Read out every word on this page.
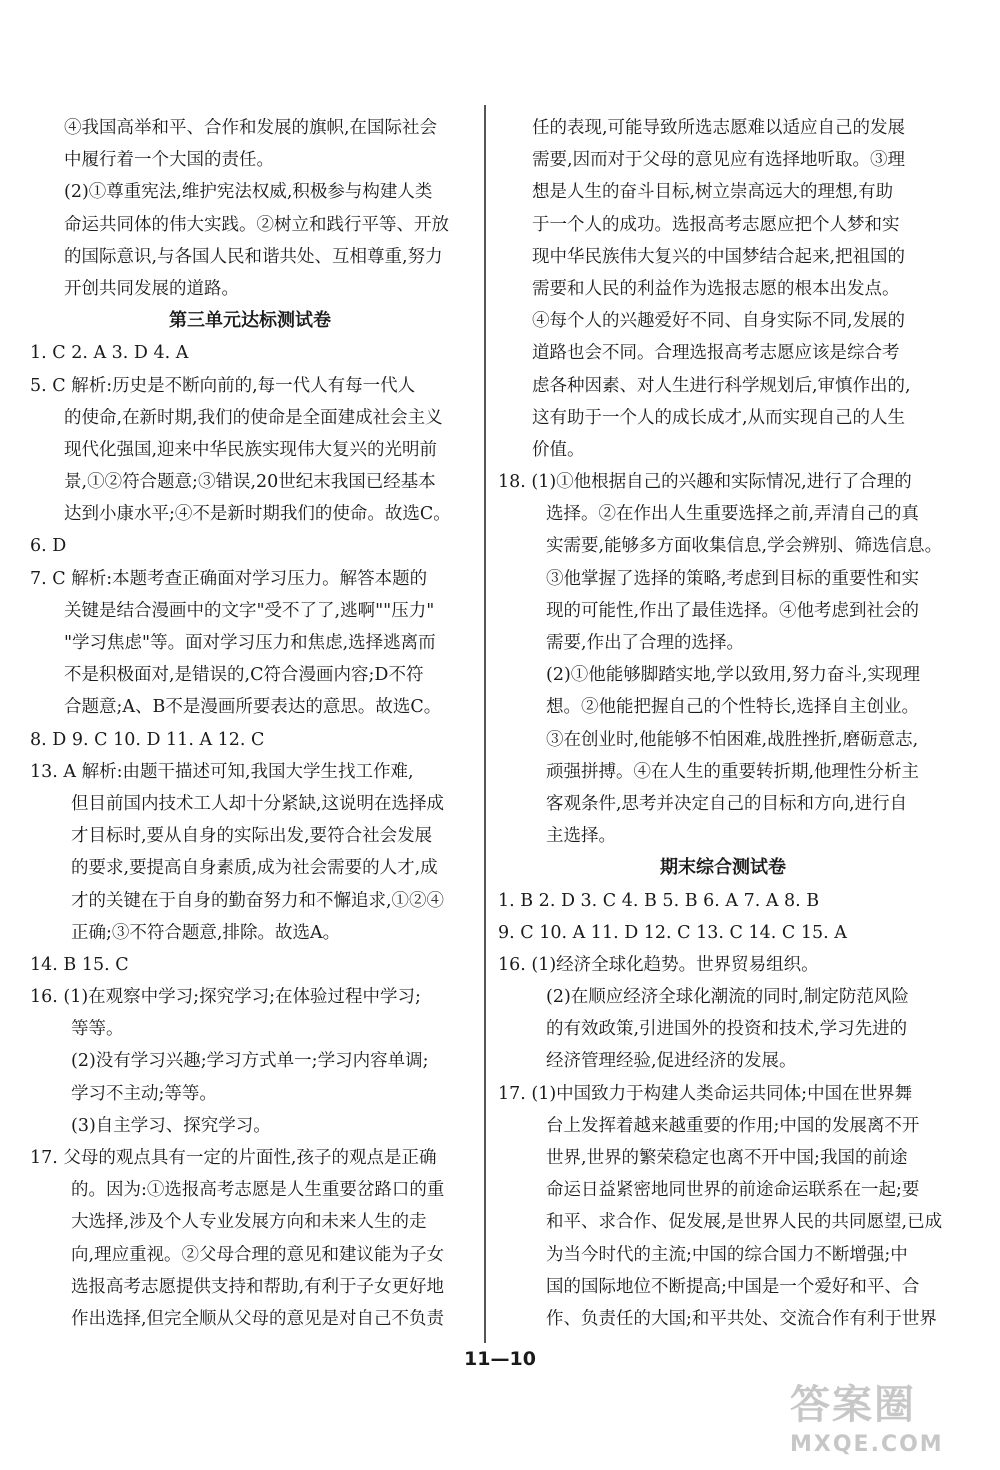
④我国高举和平、合作和发展的旗帜,在国际社会
中履行着一个大国的责任。
(2)①尊重宪法,维护宪法权威,积极参与构建人类
命运共同体的伟大实践。②树立和践行平等、开放
的国际意识,与各国人民和谐共处、互相尊重,努力
开创共同发展的道路。
第三单元达标测试卷
1. C 2. A 3. D 4. A
5. C 解析:历史是不断向前的,每一代人有每一代人
的使命,在新时期,我们的使命是全面建成社会主义
现代化强国,迎来中华民族实现伟大复兴的光明前
景,①②符合题意;③错误,20世纪末我国已经基本
达到小康水平;④不是新时期我们的使命。故选C。
6. D
7. C 解析:本题考查正确面对学习压力。解答本题的
关键是结合漫画中的文字"受不了了,逃啊""压力"
"学习焦虑"等。面对学习压力和焦虑,选择逃离而
不是积极面对,是错误的,C符合漫画内容;D不符
合题意;A、B不是漫画所要表达的意思。故选C。
8. D 9. C 10. D 11. A 12. C
13. A 解析:由题干描述可知,我国大学生找工作难,
但目前国内技术工人却十分紧缺,这说明在选择成
才目标时,要从自身的实际出发,要符合社会发展
的要求,要提高自身素质,成为社会需要的人才,成
才的关键在于自身的勤奋努力和不懈追求,①②④
正确;③不符合题意,排除。故选A。
14. B 15. C
16. (1)在观察中学习;探究学习;在体验过程中学习;
等等。
(2)没有学习兴趣;学习方式单一;学习内容单调;
学习不主动;等等。
(3)自主学习、探究学习。
17. 父母的观点具有一定的片面性,孩子的观点是正确
的。因为:①选报高考志愿是人生重要岔路口的重
大选择,涉及个人专业发展方向和未来人生的走
向,理应重视。②父母合理的意见和建议能为子女
选报高考志愿提供支持和帮助,有利于子女更好地
作出选择,但完全顺从父母的意见是对自己不负责
任的表现,可能导致所选志愿难以适应自己的发展
需要,因而对于父母的意见应有选择地听取。③理
想是人生的奋斗目标,树立崇高远大的理想,有助
于一个人的成功。选报高考志愿应把个人梦和实
现中华民族伟大复兴的中国梦结合起来,把祖国的
需要和人民的利益作为选报志愿的根本出发点。
④每个人的兴趣爱好不同、自身实际不同,发展的
道路也会不同。合理选报高考志愿应该是综合考
虑各种因素、对人生进行科学规划后,审慎作出的,
这有助于一个人的成长成才,从而实现自己的人生
价值。
18. (1)①他根据自己的兴趣和实际情况,进行了合理的
选择。②在作出人生重要选择之前,弄清自己的真
实需要,能够多方面收集信息,学会辨别、筛选信息。
③他掌握了选择的策略,考虑到目标的重要性和实
现的可能性,作出了最佳选择。④他考虑到社会的
需要,作出了合理的选择。
(2)①他能够脚踏实地,学以致用,努力奋斗,实现理
想。②他能把握自己的个性特长,选择自主创业。
③在创业时,他能够不怕困难,战胜挫折,磨砺意志,
顽强拼搏。④在人生的重要转折期,他理性分析主
客观条件,思考并决定自己的目标和方向,进行自
主选择。
期末综合测试卷
1. B 2. D 3. C 4. B 5. B 6. A 7. A 8. B
9. C 10. A 11. D 12. C 13. C 14. C 15. A
16. (1)经济全球化趋势。世界贸易组织。
(2)在顺应经济全球化潮流的同时,制定防范风险
的有效政策,引进国外的投资和技术,学习先进的
经济管理经验,促进经济的发展。
17. (1)中国致力于构建人类命运共同体;中国在世界舞
台上发挥着越来越重要的作用;中国的发展离不开
世界,世界的繁荣稳定也离不开中国;我国的前途
命运日益紧密地同世界的前途命运联系在一起;要
和平、求合作、促发展,是世界人民的共同愿望,已成
为当今时代的主流;中国的综合国力不断增强;中
国的国际地位不断提高;中国是一个爱好和平、合
作、负责任的大国;和平共处、交流合作有利于世界
11—10
答案圈
MXQE.COM
